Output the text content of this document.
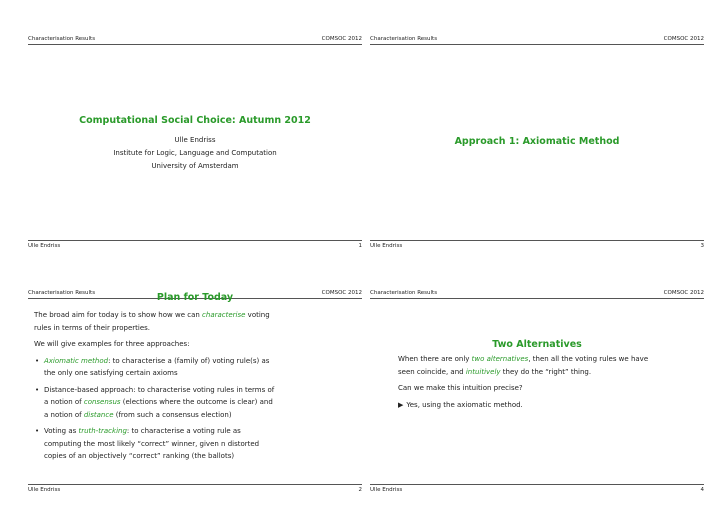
Characterisation Results	COMSOC 2012
Computational Social Choice: Autumn 2012
Ulle Endriss
Institute for Logic, Language and Computation
University of Amsterdam
Ulle Endriss	1
Characterisation Results	COMSOC 2012
Approach 1: Axiomatic Method
Ulle Endriss	3
Characterisation Results	COMSOC 2012
Plan for Today

The broad aim for today is to show how we can characterise voting rules in terms of their properties.

We will give examples for three approaches:

• Axiomatic method: to characterise a (family of) voting rule(s) as the only one satisfying certain axioms
• Distance-based approach: to characterise voting rules in terms of a notion of consensus (elections where the outcome is clear) and a notion of distance (from such a consensus election)
• Voting as truth-tracking: to characterise a voting rule as computing the most likely “correct” winner, given n distorted copies of an objectively “correct” ranking (the ballots)
Ulle Endriss	2
Characterisation Results	COMSOC 2012
Two Alternatives

When there are only two alternatives, then all the voting rules we have seen coincide, and intuitively they do the “right” thing.

Can we make this intuition precise?

▶ Yes, using the axiomatic method.

Ulle Endriss	4
